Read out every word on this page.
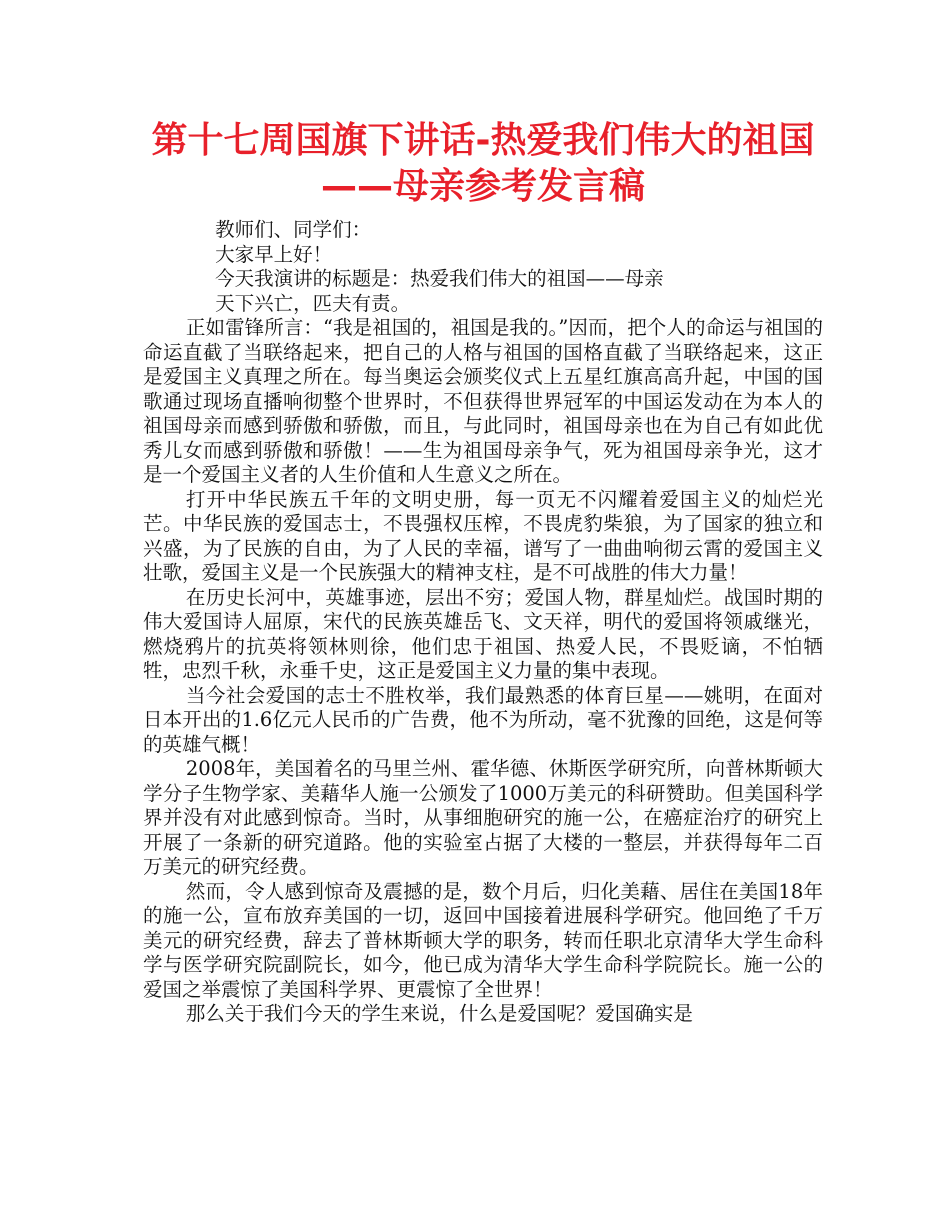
第十七周国旗下讲话-热爱我们伟大的祖国
——母亲参考发言稿

教师们、同学们：

大家早上好！

今天我演讲的标题是：热爱我们伟大的祖国——母亲

天下兴亡，匹夫有责。

正如雷锋所言：“我是祖国的，祖国是我的。”因而，把个人的命运与祖国的命运直截了当联络起来，把自己的人格与祖国的国格直截了当联络起来，这正是爱国主义真理之所在。每当奥运会颁奖仪式上五星红旗高高升起，中国的国歌通过现场直播响彻整个世界时，不但获得世界冠军的中国运发动在为本人的祖国母亲而感到骄傲和骄傲，而且，与此同时，祖国母亲也在为自己有如此优秀儿女而感到骄傲和骄傲！——生为祖国母亲争气，死为祖国母亲争光，这才是一个爱国主义者的人生价值和人生意义之所在。

打开中华民族五千年的文明史册，每一页无不闪耀着爱国主义的灿烂光芒。中华民族的爱国志士，不畏强权压榨，不畏虎豹柴狼，为了国家的独立和兴盛，为了民族的自由，为了人民的幸福，谱写了一曲曲响彻云霄的爱国主义壮歌，爱国主义是一个民族强大的精神支柱，是不可战胜的伟大力量！

在历史长河中，英雄事迹，层出不穷；爱国人物，群星灿烂。战国时期的伟大爱国诗人屈原，宋代的民族英雄岳飞、文天祥，明代的爱国将领戚继光，燃烧鸦片的抗英将领林则徐，他们忠于祖国、热爱人民，不畏贬谪，不怕牺牲，忠烈千秋，永垂千史，这正是爱国主义力量的集中表现。

当今社会爱国的志士不胜枚举，我们最熟悉的体育巨星——姚明，在面对日本开出的1.6亿元人民币的广告费，他不为所动，毫不犹豫的回绝，这是何等的英雄气概！

2008年，美国着名的马里兰州、霍华德、休斯医学研究所，向普林斯顿大学分子生物学家、美藉华人施一公颁发了1000万美元的科研赞助。但美国科学界并没有对此感到惊奇。当时，从事细胞研究的施一公，在癌症治疗的研究上开展了一条新的研究道路。他的实验室占据了大楼的一整层，并获得每年二百万美元的研究经费。

然而，令人感到惊奇及震撼的是，数个月后，归化美藉、居住在美国18年的施一公，宣布放弃美国的一切，返回中国接着进展科学研究。他回绝了千万美元的研究经费，辞去了普林斯顿大学的职务，转而任职北京清华大学生命科学与医学研究院副院长，如今，他已成为清华大学生命科学院院长。施一公的爱国之举震惊了美国科学界、更震惊了全世界！

那么关于我们今天的学生来说，什么是爱国呢？爱国确实是
